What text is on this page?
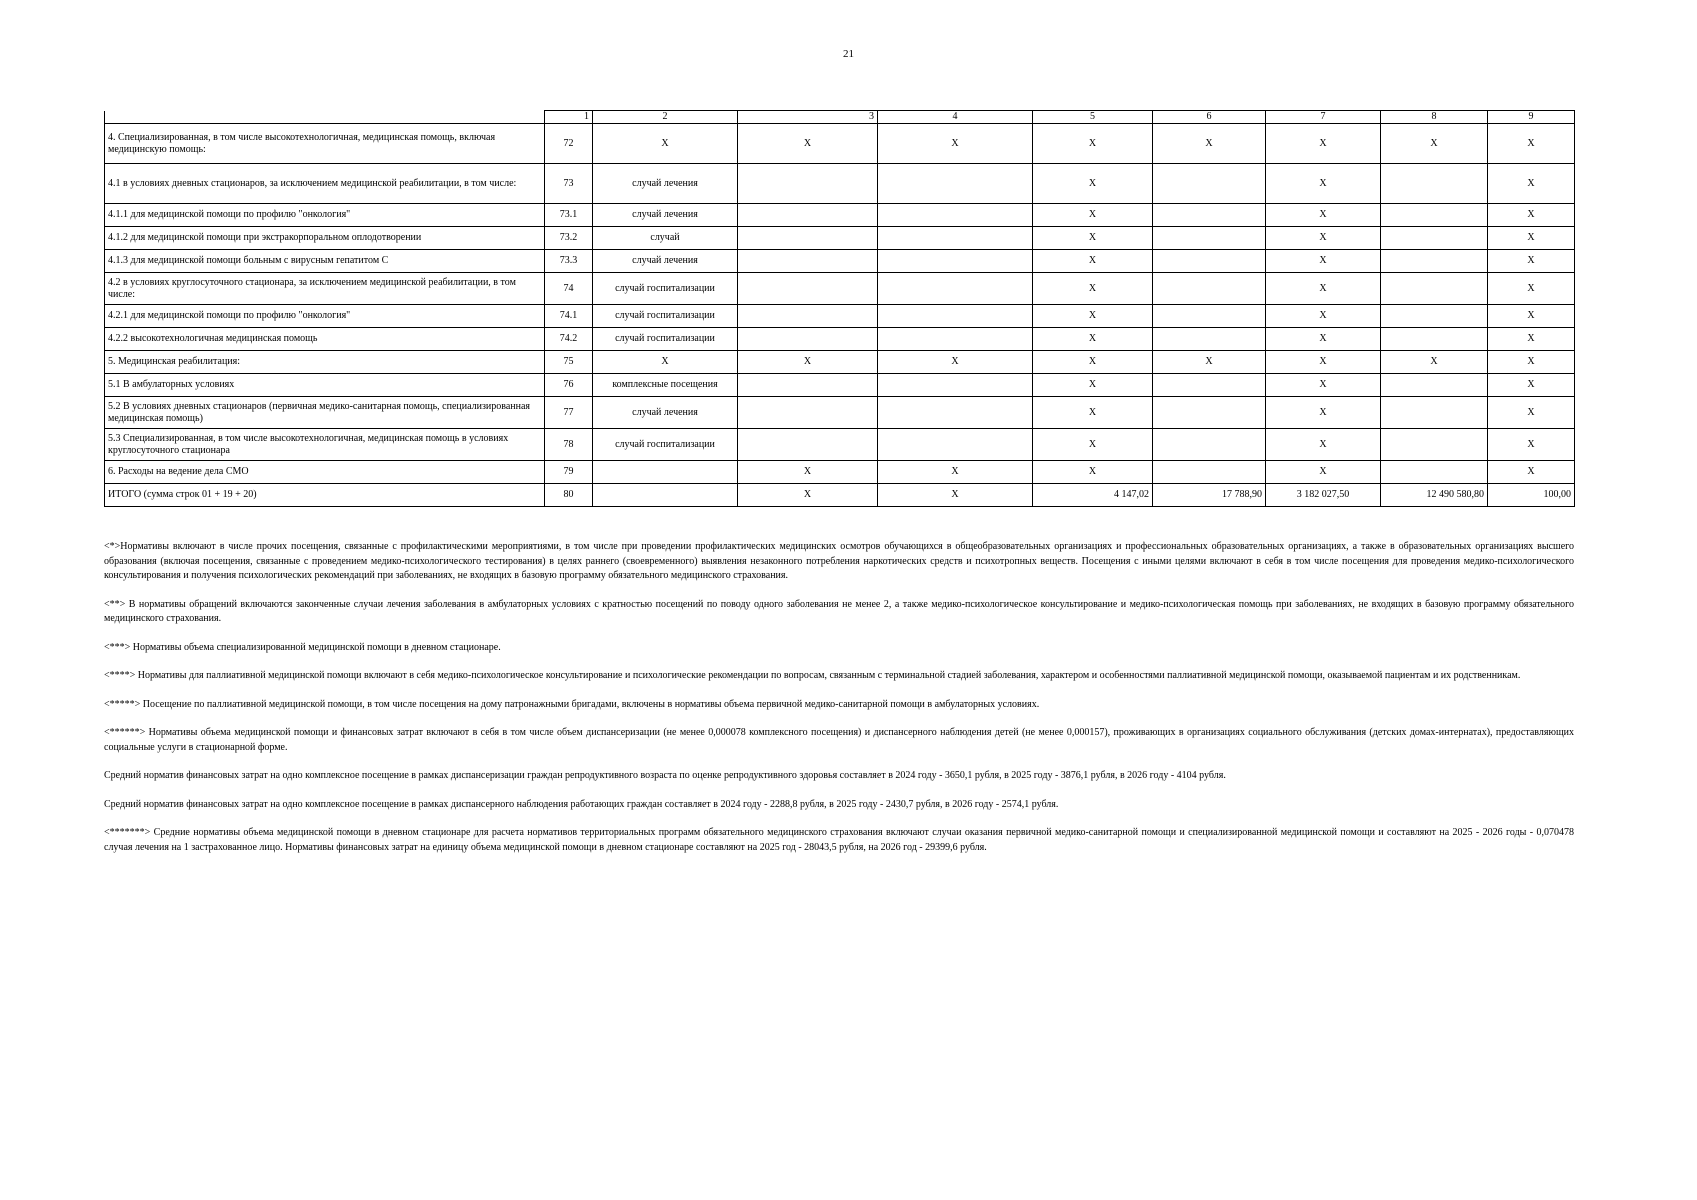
21
	1	2	3	4	5	6	7	8	9
4. Специализированная, в том числе высокотехнологичная, медицинская помощь, включая медицинскую помощь:	72	X	X	X	X	X	X	X	X
4.1 в условиях дневных стационаров, за исключением медицинской реабилитации, в том числе:	73	случай лечения			X		X		X
4.1.1 для медицинской помощи по профилю "онкология"	73.1	случай лечения			X		X		X
4.1.2 для медицинской помощи при экстракорпоральном оплодотворении	73.2	случай			X		X		X
4.1.3 для медицинской помощи больным с вирусным гепатитом С	73.3	случай лечения			X		X		X
4.2 в условиях круглосуточного стационара, за исключением медицинской реабилитации, в том числе:	74	случай госпитализации			X		X		X
4.2.1 для медицинской помощи по профилю "онкология"	74.1	случай госпитализации			X		X		X
4.2.2 высокотехнологичная медицинская помощь	74.2	случай госпитализации			X		X		X
5. Медицинская реабилитация:	75	X	X	X	X	X	X	X	X
5.1 В амбулаторных условиях	76	комплексные посещения			X		X		X
5.2 В условиях дневных стационаров (первичная медико-санитарная помощь, специализированная медицинская помощь)	77	случай лечения			X		X		X
5.3 Специализированная, в том числе высокотехнологичная, медицинская помощь в условиях круглосуточного стационара	78	случай госпитализации			X		X		X
6. Расходы на ведение дела СМО	79		X	X	X		X		X
ИТОГО (сумма строк 01 + 19 + 20)	80		X	X	4 147,02	17 788,90	3 182 027,50	12 490 580,80	100,00

<*>Нормативы включают в числе прочих посещения, связанные с профилактическими мероприятиями, в том числе при проведении профилактических медицинских осмотров обучающихся в общеобразовательных организациях и профессиональных образовательных организациях, а также в образовательных организациях высшего образования (включая посещения, связанные с проведением медико-психологического тестирования) в целях раннего (своевременного) выявления незаконного потребления наркотических средств и психотропных веществ. Посещения с иными целями включают в себя в том числе посещения для проведения медико-психологического консультирования и получения психологических рекомендаций при заболеваниях, не входящих в базовую программу обязательного медицинского страхования.

<**> В нормативы обращений включаются законченные случаи лечения заболевания в амбулаторных условиях с кратностью посещений по поводу одного заболевания не менее 2, а также медико-психологическое консультирование и медико-психологическая помощь при заболеваниях, не входящих в базовую программу обязательного медицинского страхования.

<***> Нормативы объема специализированной медицинской помощи в дневном стационаре.

<****> Нормативы для паллиативной медицинской помощи включают в себя медико-психологическое консультирование и психологические рекомендации по вопросам, связанным с терминальной стадией заболевания, характером и особенностями паллиативной медицинской помощи, оказываемой пациентам и их родственникам.

<*****> Посещение по паллиативной медицинской помощи, в том числе посещения на дому патронажными бригадами, включены в нормативы объема первичной медико-санитарной помощи в амбулаторных условиях.

<******> Нормативы объема медицинской помощи и финансовых затрат включают в себя в том числе объем диспансеризации (не менее 0,000078 комплексного посещения) и диспансерного наблюдения детей (не менее 0,000157), проживающих в организациях социального обслуживания (детских домах-интернатах), предоставляющих социальные услуги в стационарной форме.

Средний норматив финансовых затрат на одно комплексное посещение в рамках диспансеризации граждан репродуктивного возраста по оценке репродуктивного здоровья составляет в 2024 году - 3650,1 рубля, в 2025 году - 3876,1 рубля, в 2026 году - 4104 рубля.

Средний норматив финансовых затрат на одно комплексное посещение в рамках диспансерного наблюдения работающих граждан составляет в 2024 году - 2288,8 рубля, в 2025 году - 2430,7 рубля, в 2026 году - 2574,1 рубля.

<*******> Средние нормативы объема медицинской помощи в дневном стационаре для расчета нормативов территориальных программ обязательного медицинского страхования включают случаи оказания первичной медико-санитарной помощи и специализированной медицинской помощи и составляют на 2025 - 2026 годы - 0,070478 случая лечения на 1 застрахованное лицо. Нормативы финансовых затрат на единицу объема медицинской помощи в дневном стационаре составляют на 2025 год - 28043,5 рубля, на 2026 год - 29399,6 рубля.
